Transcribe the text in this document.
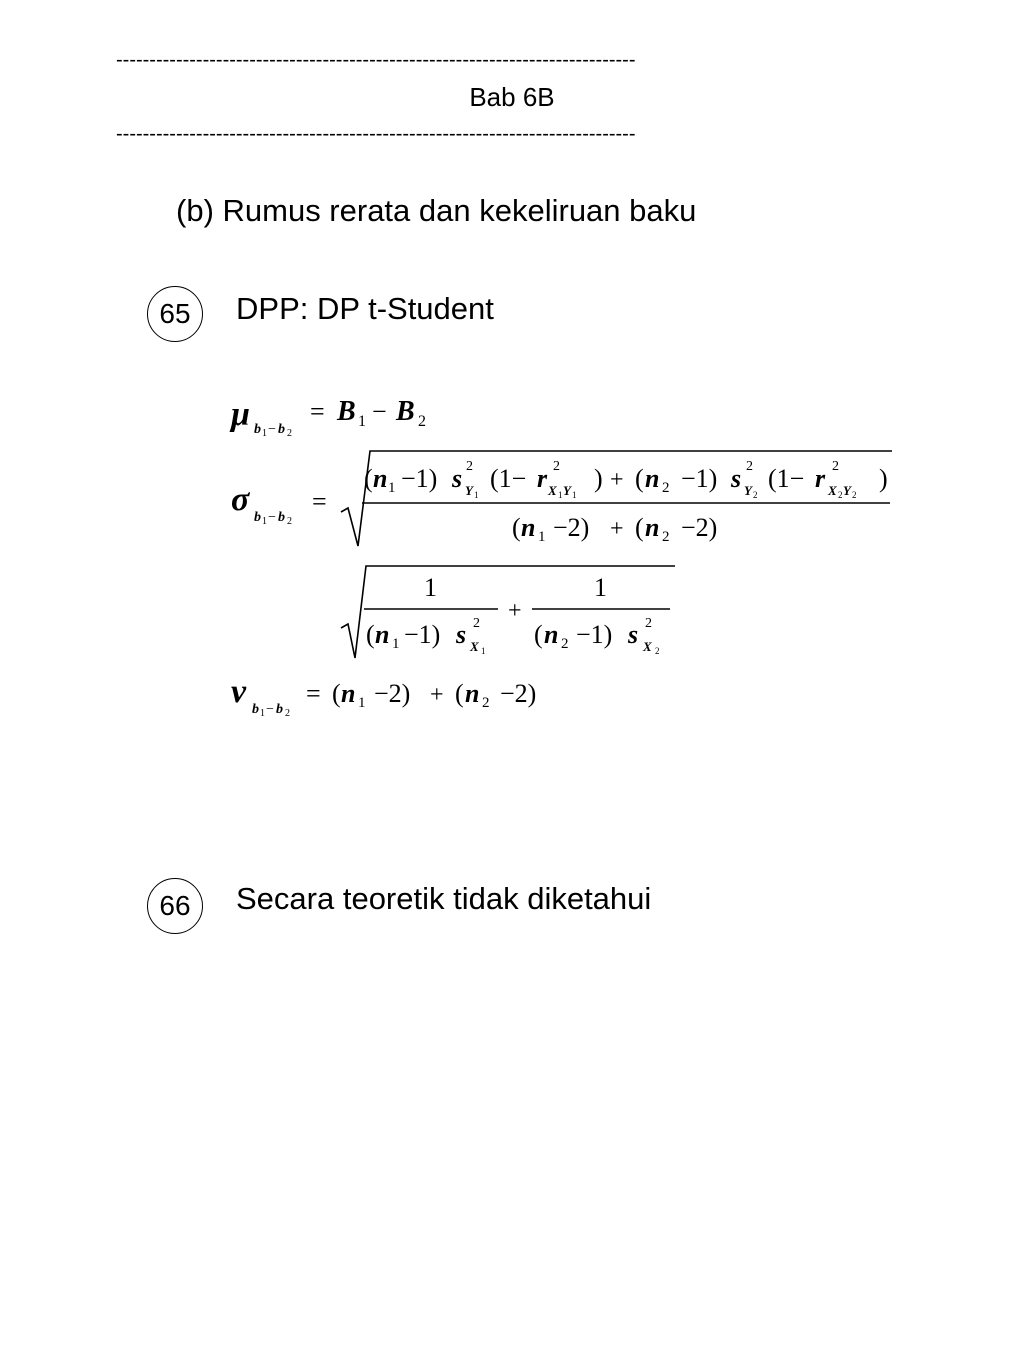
------------------------------------------------------------------------------
Bab 6B
------------------------------------------------------------------------------
(b) Rumus rerata dan kekeliruan baku
65 DPP: DP t-Student
μ b 1 − b 2
= B 1 − B 2
σ b 1 − b 2
=
( n 1 −1) s 2
Y 1
(1− r 2
X 1 Y 1
) + ( n 2 −1) s 2
Y 2
(1− r 2
X 2 Y 2
)
( n 1 −2) + ( n 2 −2)
1
( n 1 −1) s 2
X 1
+
1
( n 2 −1) s 2
X 2
ν b 1 − b 2
= ( n 1 −2) + ( n 2 −2)
66 Secara teoretik tidak diketahui
